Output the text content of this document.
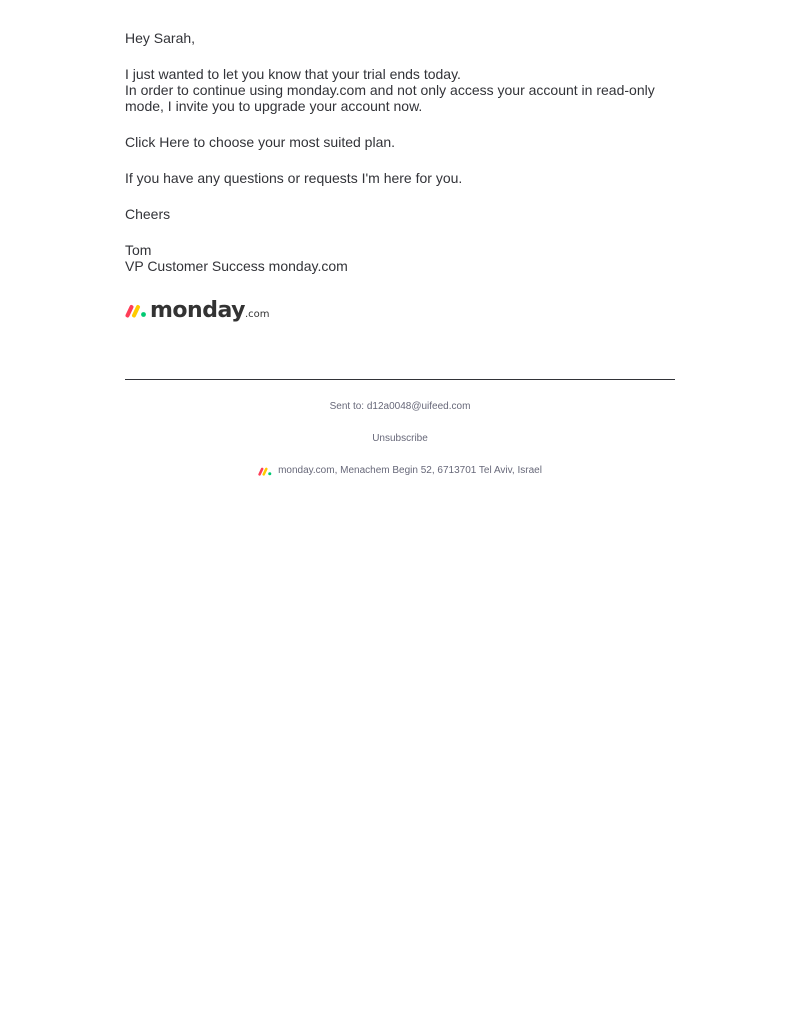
Hey Sarah,

I just wanted to let you know that your trial ends today.
In order to continue using monday.com and not only access your account in read-only mode, I invite you to upgrade your account now.

Click Here to choose your most suited plan.

If you have any questions or requests I'm here for you.

Cheers

Tom

VP Customer Success monday.com

monday .com
Sent to: d12a0048@uifeed.com
Unsubscribe
monday.com, Menachem Begin 52, 6713701 Tel Aviv, Israel
